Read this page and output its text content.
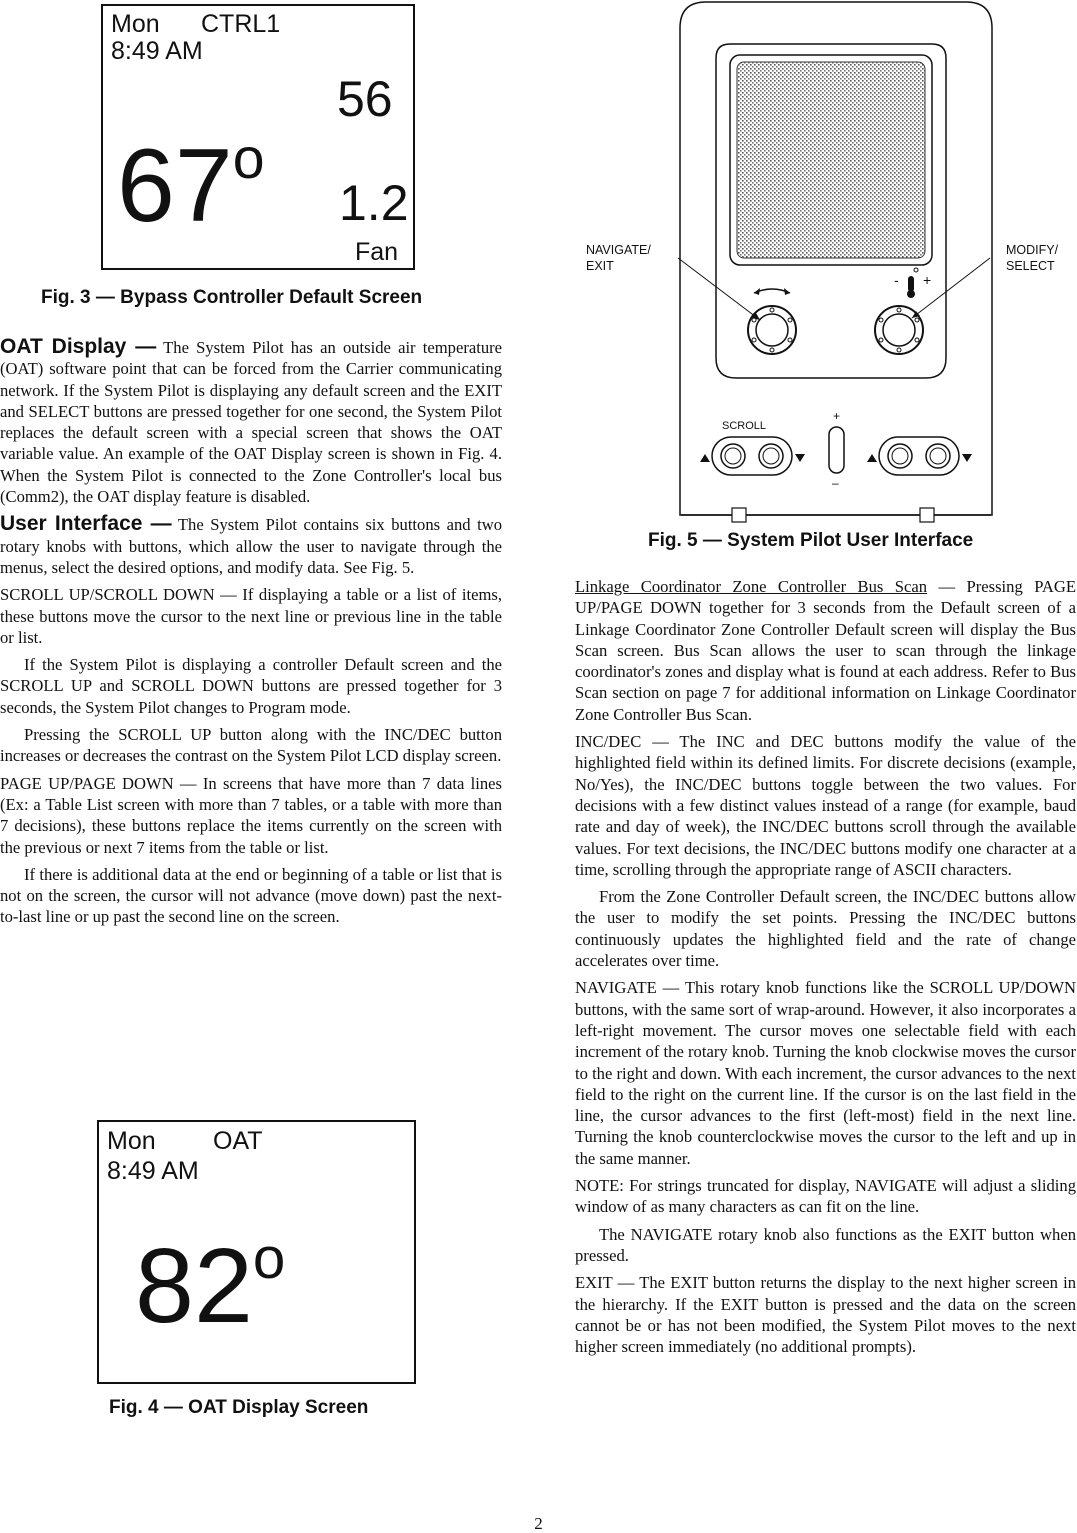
Mon CTRL1
8:49 AM
56
67$^o$
1.2
Fan
Fig. 3 — Bypass Controller Default Screen

OAT Display — The System Pilot has an outside air temperature (OAT) software point that can be forced from the Carrier communicating network. If the System Pilot is displaying any default screen and the EXIT and SELECT buttons are pressed together for one second, the System Pilot replaces the default screen with a special screen that shows the OAT variable value. An example of the OAT Display screen is shown in Fig. 4. When the System Pilot is connected to the Zone Controller's local bus (Comm2), the OAT display feature is disabled.

User Interface — The System Pilot contains six buttons and two rotary knobs with buttons, which allow the user to navigate through the menus, select the desired options, and modify data. See Fig. 5.

SCROLL UP/SCROLL DOWN — If displaying a table or a list of items, these buttons move the cursor to the next line or previous line in the table or list.

If the System Pilot is displaying a controller Default screen and the SCROLL UP and SCROLL DOWN buttons are pressed together for 3 seconds, the System Pilot changes to Program mode.

Pressing the SCROLL UP button along with the INC/DEC button increases or decreases the contrast on the System Pilot LCD display screen.

PAGE UP/PAGE DOWN — In screens that have more than 7 data lines (Ex: a Table List screen with more than 7 tables, or a table with more than 7 decisions), these buttons replace the items currently on the screen with the previous or next 7 items from the table or list.

If there is additional data at the end or beginning of a table or list that is not on the screen, the cursor will not advance (move down) past the next-to-last line or up past the second line on the screen.

Mon OAT
8:49 AM
82$^o$
Fig. 4 — OAT Display Screen
NAVIGATE/
EXIT
MODIFY/
SELECT
- +
SCROLL
+
–
Fig. 5 — System Pilot User Interface

Linkage Coordinator Zone Controller Bus Scan — Pressing PAGE UP/PAGE DOWN together for 3 seconds from the Default screen of a Linkage Coordinator Zone Controller Default screen will display the Bus Scan screen. Bus Scan allows the user to scan through the linkage coordinator's zones and display what is found at each address. Refer to Bus Scan section on page 7 for additional information on Linkage Coordinator Zone Controller Bus Scan.

INC/DEC — The INC and DEC buttons modify the value of the highlighted field within its defined limits. For discrete decisions (example, No/Yes), the INC/DEC buttons toggle between the two values. For decisions with a few distinct values instead of a range (for example, baud rate and day of week), the INC/DEC buttons scroll through the available values. For text decisions, the INC/DEC buttons modify one character at a time, scrolling through the appropriate range of ASCII characters.

From the Zone Controller Default screen, the INC/DEC buttons allow the user to modify the set points. Pressing the INC/DEC buttons continuously updates the highlighted field and the rate of change accelerates over time.

NAVIGATE — This rotary knob functions like the SCROLL UP/DOWN buttons, with the same sort of wrap-around. However, it also incorporates a left-right movement. The cursor moves one selectable field with each increment of the rotary knob. Turning the knob clockwise moves the cursor to the right and down. With each increment, the cursor advances to the next field to the right on the current line. If the cursor is on the last field in the line, the cursor advances to the first (left-most) field in the next line. Turning the knob counterclockwise moves the cursor to the left and up in the same manner.

NOTE: For strings truncated for display, NAVIGATE will adjust a sliding window of as many characters as can fit on the line.

The NAVIGATE rotary knob also functions as the EXIT button when pressed.

EXIT — The EXIT button returns the display to the next higher screen in the hierarchy. If the EXIT button is pressed and the data on the screen cannot be or has not been modified, the System Pilot moves to the next higher screen immediately (no additional prompts).

2
